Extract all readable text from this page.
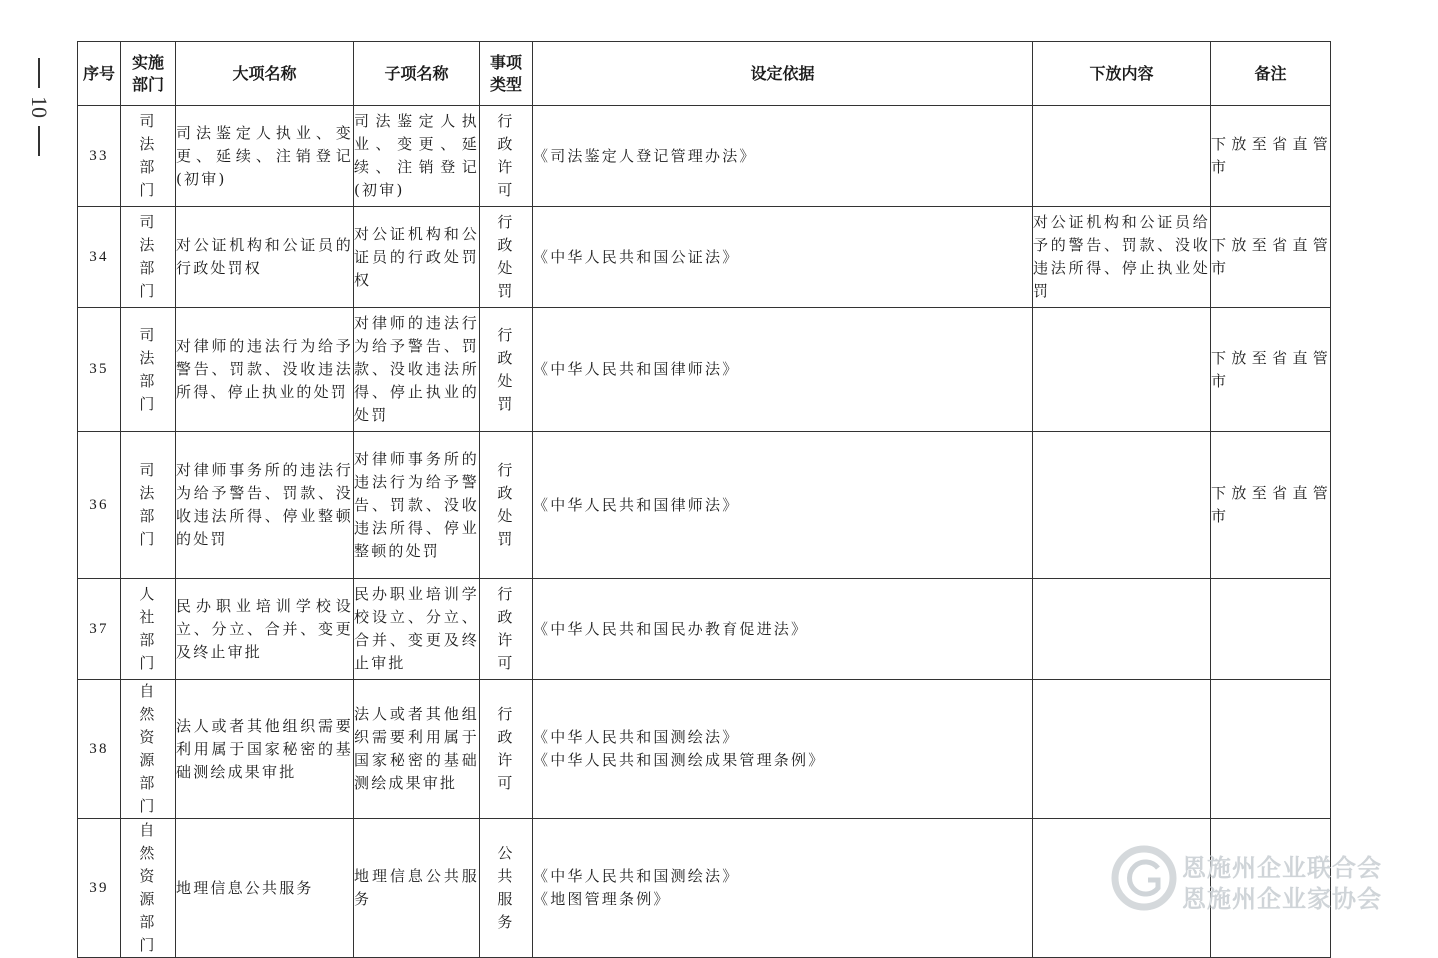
10
序号	实施部门	大项名称	子项名称	事项类型	设定依据	下放内容	备注
33	司法部门	司法鉴定人执业、变更、延续、注销登记(初审)	司法鉴定人执业、变更、延续、注销登记(初审)	行政许可	《司法鉴定人登记管理办法》		下放至省直管市
34	司法部门	对公证机构和公证员的行政处罚权	对公证机构和公证员的行政处罚权	行政处罚	《中华人民共和国公证法》	对公证机构和公证员给予的警告、罚款、没收违法所得、停止执业处罚	下放至省直管市
35	司法部门	对律师的违法行为给予警告、罚款、没收违法所得、停止执业的处罚	对律师的违法行为给予警告、罚款、没收违法所得、停止执业的处罚	行政处罚	《中华人民共和国律师法》		下放至省直管市
36	司法部门	对律师事务所的违法行为给予警告、罚款、没收违法所得、停业整顿的处罚	对律师事务所的违法行为给予警告、罚款、没收违法所得、停业整顿的处罚	行政处罚	《中华人民共和国律师法》		下放至省直管市
37	人社部门	民办职业培训学校设立、分立、合并、变更及终止审批	民办职业培训学校设立、分立、合并、变更及终止审批	行政许可	《中华人民共和国民办教育促进法》		

38	自然资源部门	法人或者其他组织需要利用属于国家秘密的基础测绘成果审批	法人或者其他组织需要利用属于国家秘密的基础测绘成果审批	行政许可	《中华人民共和国测绘法》
《中华人民共和国测绘成果管理条例》		

39	自然资源部门	地理信息公共服务	地理信息公共服务	公共服务	《中华人民共和国测绘法》
《地图管理条例》		

恩施州企业联合会
恩施州企业家协会
